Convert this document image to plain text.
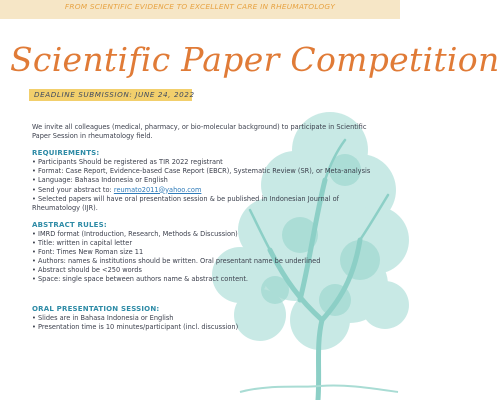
FROM SCIENTIFIC EVIDENCE TO EXCELLENT CARE IN RHEUMATOLOGY
Scientific Paper Competition
DEADLINE SUBMISSION: JUNE 24, 2022

We invite all colleagues (medical, pharmacy, or bio-molecular background) to participate in Scientific Paper Session in rheumatology field.

REQUIREMENTS:

• Participants Should be registered as TIR 2022 registrant
• Format: Case Report, Evidence-based Case Report (EBCR), Systematic Review (SR), or Meta-analysis
• Language: Bahasa Indonesia or English
• Send your abstract to: reumato2011@yahoo.com
• Selected papers will have oral presentation session & be published in Indonesian Journal of Rheumatology (IJR).

ABSTRACT RULES:

• IMRD format (Introduction, Research, Methods & Discussion)
• Title: written in capital letter
• Font: Times New Roman size 11
• Authors: names & institutions should be written. Oral presentant name be underlined
• Abstract should be <250 words
• Space: single space between authors name & abstract content.

ORAL PRESENTATION SESSION:

• Slides are in Bahasa Indonesia or English
• Presentation time is 10 minutes/participant (incl. discussion)
